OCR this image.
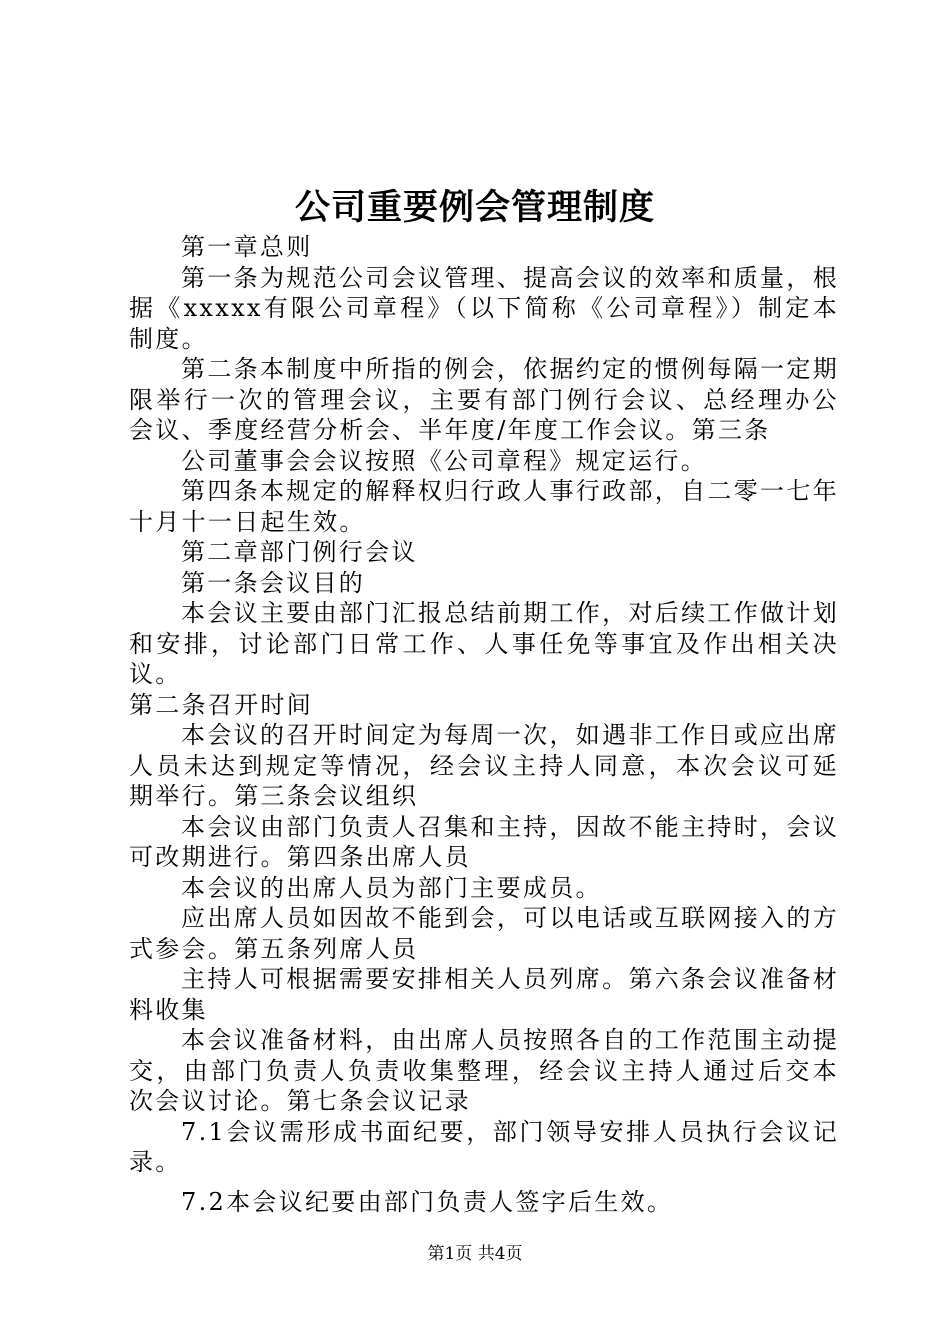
公司重要例会管理制度

第一章总则

第一条为规范公司会议管理、提高会议的效率和质量，根据《xxxxx有限公司章程》（以下简称《公司章程》）制定本制度。

第二条本制度中所指的例会，依据约定的惯例每隔一定期限举行一次的管理会议，主要有部门例行会议、总经理办公会议、季度经营分析会、半年度/年度工作会议。第三条

公司董事会会议按照《公司章程》规定运行。

第四条本规定的解释权归行政人事行政部，自二零一七年十月十一日起生效。

第二章部门例行会议

第一条会议目的

本会议主要由部门汇报总结前期工作，对后续工作做计划和安排，讨论部门日常工作、人事任免等事宜及作出相关决议。

第二条召开时间

本会议的召开时间定为每周一次，如遇非工作日或应出席人员未达到规定等情况，经会议主持人同意，本次会议可延期举行。第三条会议组织

本会议由部门负责人召集和主持，因故不能主持时，会议可改期进行。第四条出席人员

本会议的出席人员为部门主要成员。

应出席人员如因故不能到会，可以电话或互联网接入的方式参会。第五条列席人员

主持人可根据需要安排相关人员列席。第六条会议准备材料收集

本会议准备材料，由出席人员按照各自的工作范围主动提交，由部门负责人负责收集整理，经会议主持人通过后交本次会议讨论。第七条会议记录

7.1会议需形成书面纪要，部门领导安排人员执行会议记录。

7.2本会议纪要由部门负责人签字后生效。

第1页 共4页
